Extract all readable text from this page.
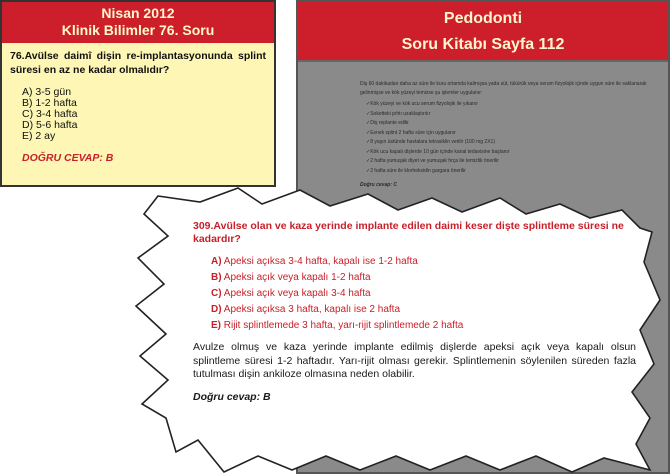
Nisan 2012
Klinik Bilimler 76. Soru
76.Avülse daimî dişin re-implantasyonunda splint süresi en az ne kadar olmalıdır?
A) 3-5 gün
B) 1-2 hafta
C) 3-4 hafta
D) 5-6 hafta
E) 2 ay
DOĞRU CEVAP: B
Pedodonti
Soru Kitabı Sayfa 112

Diş 60 dakikadan daha az süre ile kuru ortamda kalmışsa yada süt, tükürük veya serum fizyolojik içinde uygun süre ile saklanarak gelinmişse ve kök yüzeyi temizse şu işlemler uygulanır:

✓ Kök yüzeyi ve kök ucu serum fizyolojik ile yıkanır
✓ Soketteki pıhtı uzaklaştırılır
✓ Diş replante edilir
✓ Esnek splint 2 hafta süre için uygulanır
✓ 8 yaşın üstünde hastalara tetrasiklin verilir (100 mg 2X1)
✓ Kök ucu kapalı dişlerde 10 gün içinde kanal tedavisine başlanır
✓ 2 hafta yumuşak diyet ve yumuşak fırça ile temizlik önerilir
✓ 2 hafta süre ile klorheksidin gargara önerilir
Doğru cevap: C
309.Avülse olan ve kaza yerinde implante edilen daimi keser dişte splintleme süresi ne kadardır?
A) Apeksi açıksa 3-4 hafta, kapalı ise 1-2 hafta
B) Apeksi açık veya kapalı 1-2 hafta
C) Apeksi açık veya kapalı 3-4 hafta
D) Apeksi açıksa 3 hafta, kapalı ise 2 hafta
E) Rijit splintlemede 3 hafta, yarı-rijit splintlemede 2 hafta
Avulze olmuş ve kaza yerinde implante edilmiş dişlerde apeksi açık veya kapalı olsun splintleme süresi 1-2 haftadır. Yarı-rijit olması gerekir. Splintlemenin söylenilen süreden fazla tutulması dişin ankiloze olmasına neden olabilir.
Doğru cevap: B
